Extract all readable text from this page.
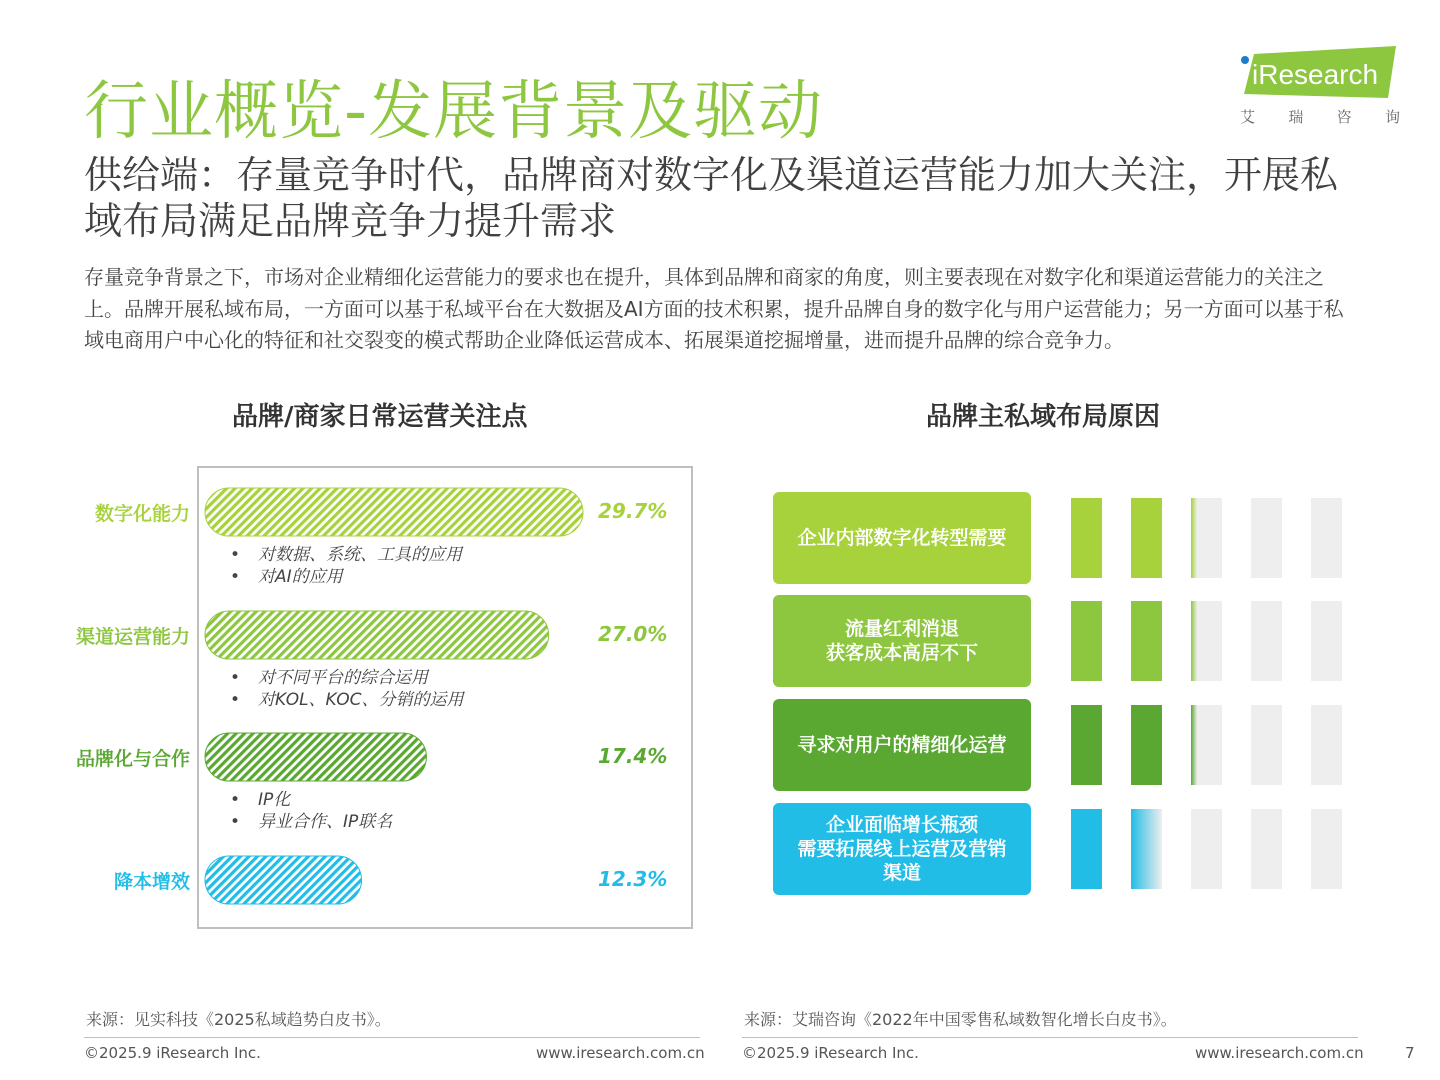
行业概览-发展背景及驱动
供给端：存量竞争时代，品牌商对数字化及渠道运营能力加大关注，开展私域布局满足品牌竞争力提升需求
存量竞争背景之下，市场对企业精细化运营能力的要求也在提升，具体到品牌和商家的角度，则主要表现在对数字化和渠道运营能力的关注之上。品牌开展私域布局，一方面可以基于私域平台在大数据及AI方面的技术积累，提升品牌自身的数字化与用户运营能力；另一方面可以基于私域电商用户中心化的特征和社交裂变的模式帮助企业降低运营成本、拓展渠道挖掘增量，进而提升品牌的综合竞争力。
iResearch
艾 瑞 咨 询
品牌/商家日常运营关注点
数字化能力	29.7%
• 对数据、系统、工具的应用
• 对AI的应用
渠道运营能力	27.0%
• 对不同平台的综合运用
• 对KOL、KOC、分销的运用
品牌化与合作	17.4%
• IP化
• 异业合作、IP联名
降本增效	12.3%
品牌主私域布局原因
企业内部数字化转型需要
流量红利消退
获客成本高居不下
寻求对用户的精细化运营
企业面临增长瓶颈
需要拓展线上运营及营销
渠道
来源：见实科技《2025私域趋势白皮书》。	来源：艾瑞咨询《2022年中国零售私域数智化增长白皮书》。
©2025.9 iResearch Inc.	www.iresearch.com.cn ©2025.9 iResearch Inc.	www.iresearch.com.cn	7
